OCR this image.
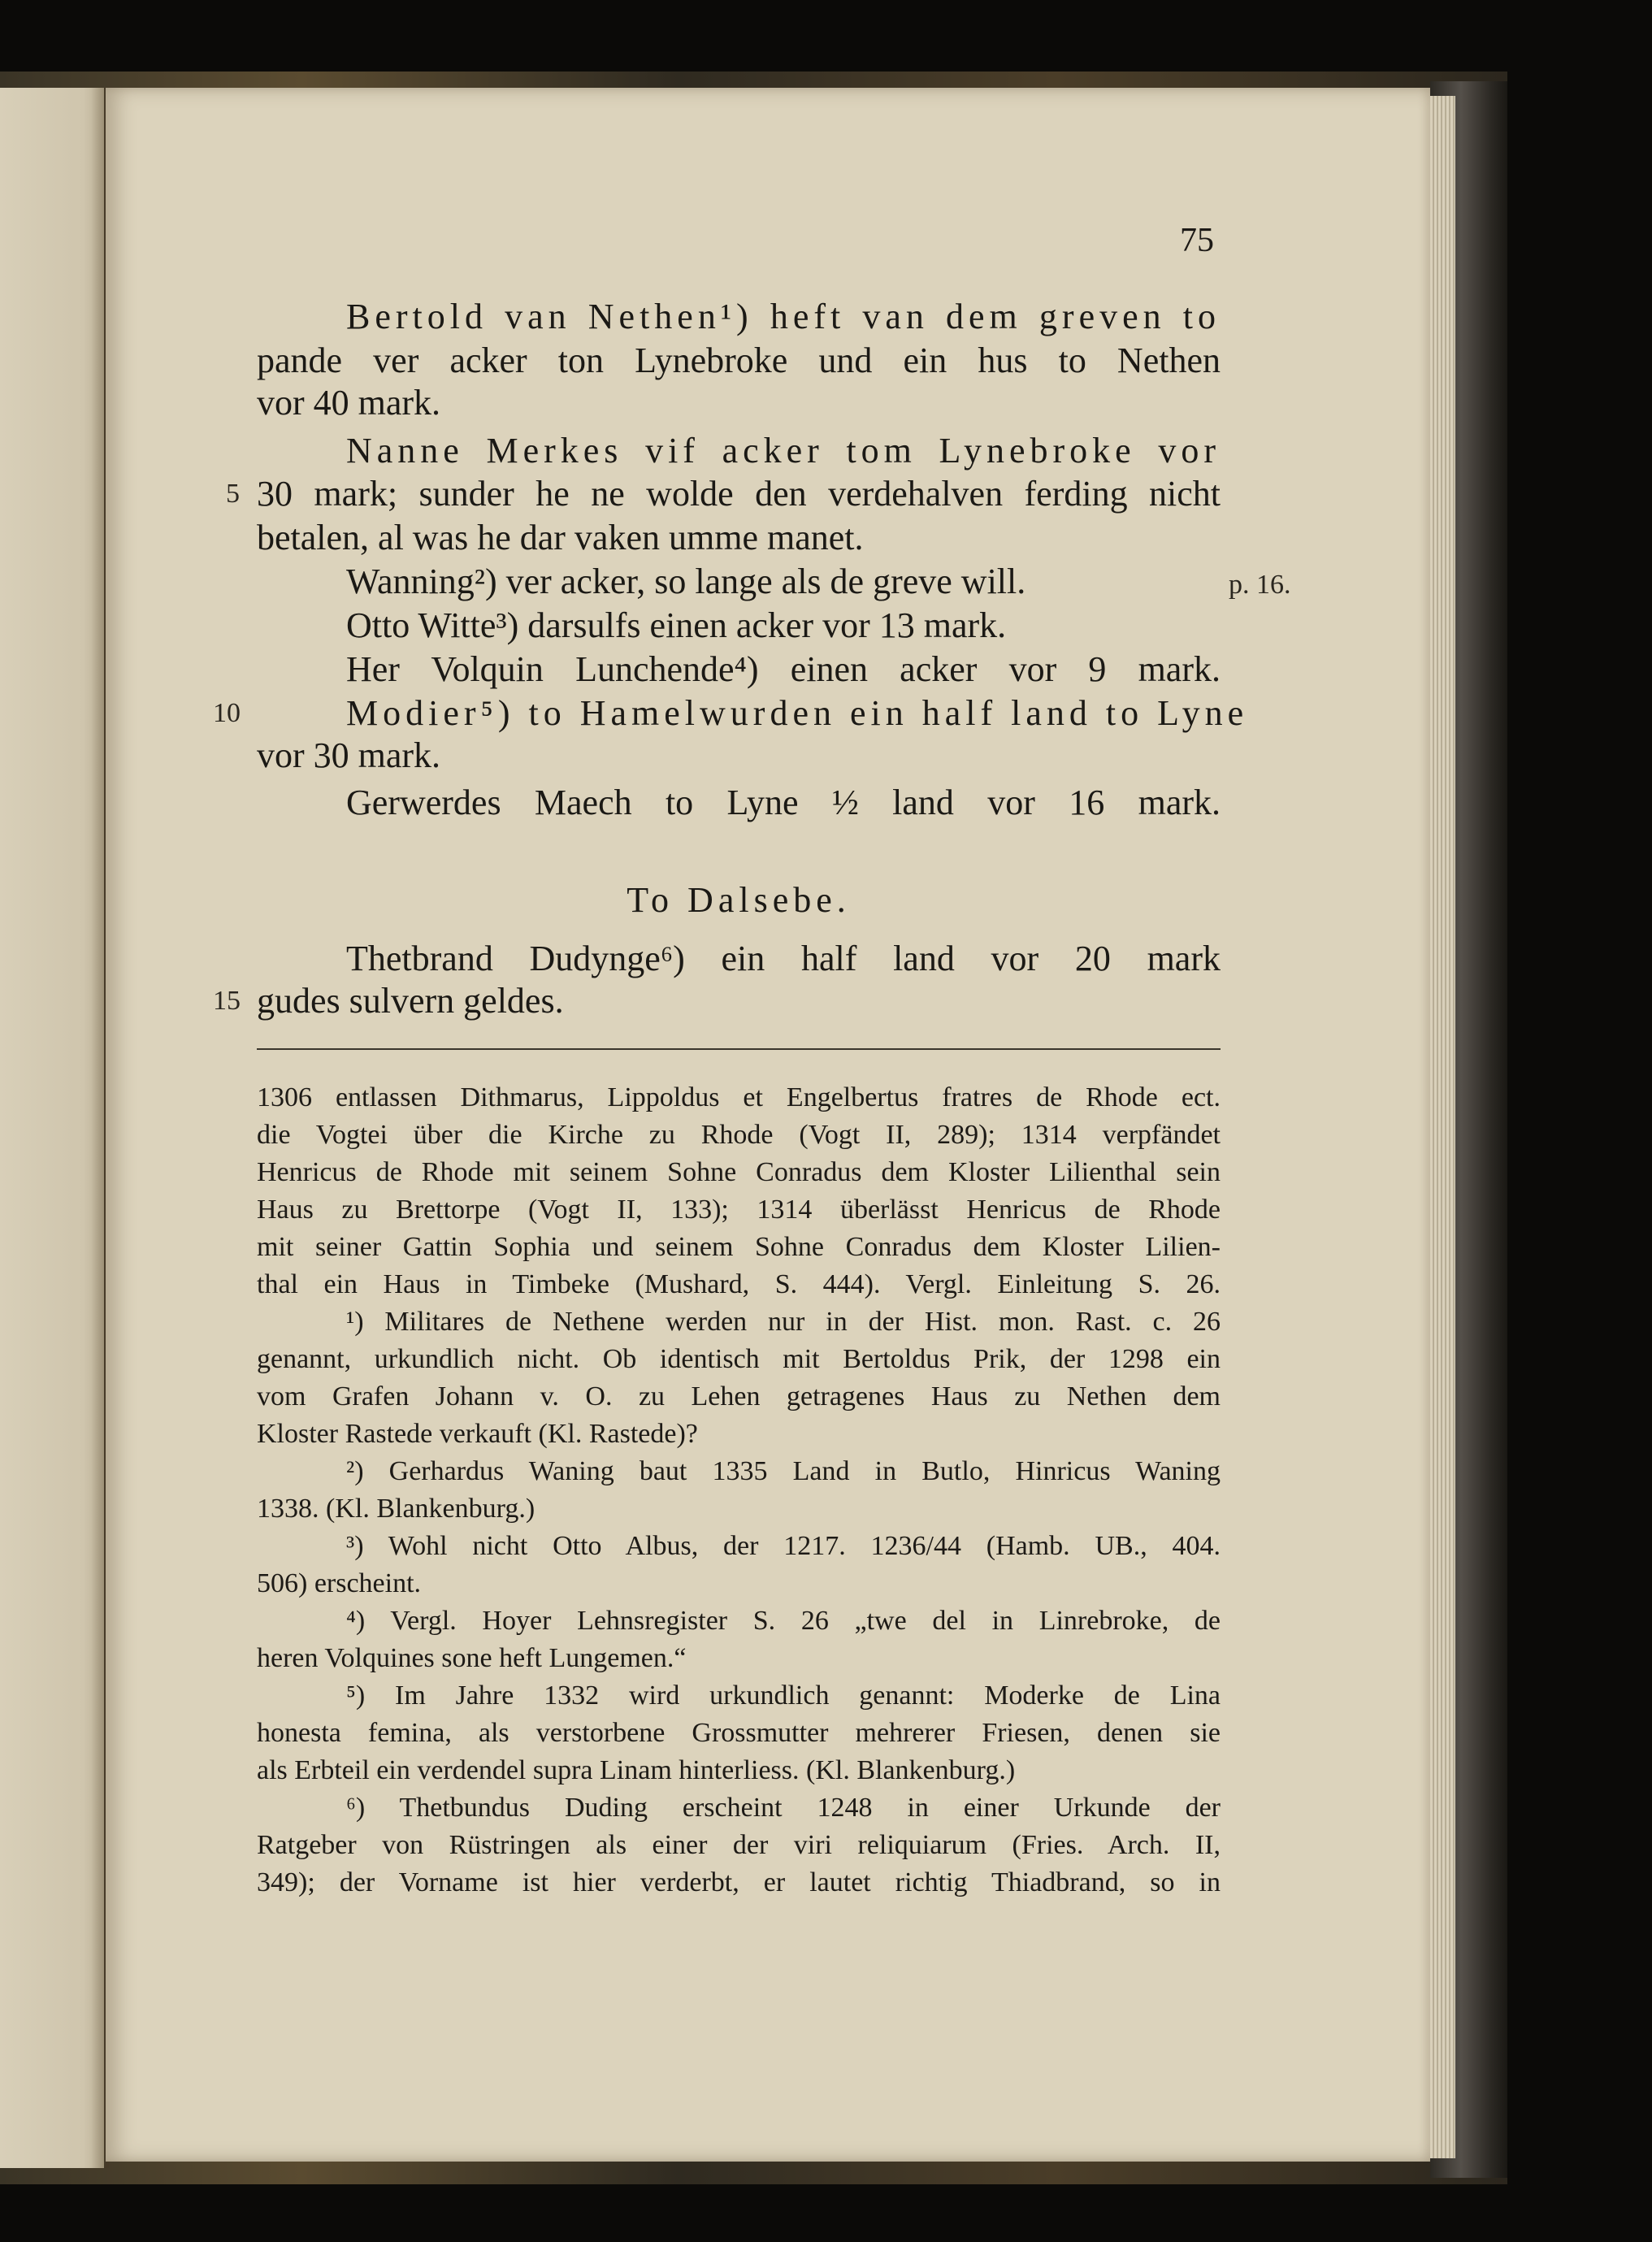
75
Bertold van Nethen¹) heft van dem greven to
pande ver acker ton Lynebroke und ein hus to Nethen
vor 40 mark.
Nanne Merkes vif acker tom Lynebroke vor
30 mark; sunder he ne wolde den verdehalven ferding nicht
betalen, al was he dar vaken umme manet.
Wanning²) ver acker, so lange als de greve will.
Otto Witte³) darsulfs einen acker vor 13 mark.
Her Volquin Lunchende⁴) einen acker vor 9 mark.
Modier⁵) to Hamelwurden ein half land to Lyne
vor 30 mark.
Gerwerdes Maech to Lyne ½ land vor 16 mark.
To Dalsebe.
Thetbrand Dudynge⁶) ein half land vor 20 mark
gudes sulvern geldes.
5
10
15
p. 16.
1306 entlassen Dithmarus, Lippoldus et Engelbertus fratres de Rhode ect.
die Vogtei über die Kirche zu Rhode (Vogt II, 289); 1314 verpfändet
Henricus de Rhode mit seinem Sohne Conradus dem Kloster Lilienthal sein
Haus zu Brettorpe (Vogt II, 133); 1314 überlässt Henricus de Rhode
mit seiner Gattin Sophia und seinem Sohne Conradus dem Kloster Lilien-
thal ein Haus in Timbeke (Mushard, S. 444). Vergl. Einleitung S. 26.
¹) Militares de Nethene werden nur in der Hist. mon. Rast. c. 26
genannt, urkundlich nicht. Ob identisch mit Bertoldus Prik, der 1298 ein
vom Grafen Johann v. O. zu Lehen getragenes Haus zu Nethen dem
Kloster Rastede verkauft (Kl. Rastede)?
²) Gerhardus Waning baut 1335 Land in Butlo, Hinricus Waning
1338. (Kl. Blankenburg.)
³) Wohl nicht Otto Albus, der 1217. 1236/44 (Hamb. UB., 404.
506) erscheint.
⁴) Vergl. Hoyer Lehnsregister S. 26 „twe del in Linrebroke, de
heren Volquines sone heft Lungemen.“
⁵) Im Jahre 1332 wird urkundlich genannt: Moderke de Lina
honesta femina, als verstorbene Grossmutter mehrerer Friesen, denen sie
als Erbteil ein verdendel supra Linam hinterliess. (Kl. Blankenburg.)
⁶) Thetbundus Duding erscheint 1248 in einer Urkunde der
Ratgeber von Rüstringen als einer der viri reliquiarum (Fries. Arch. II,
349); der Vorname ist hier verderbt, er lautet richtig Thiadbrand, so in
